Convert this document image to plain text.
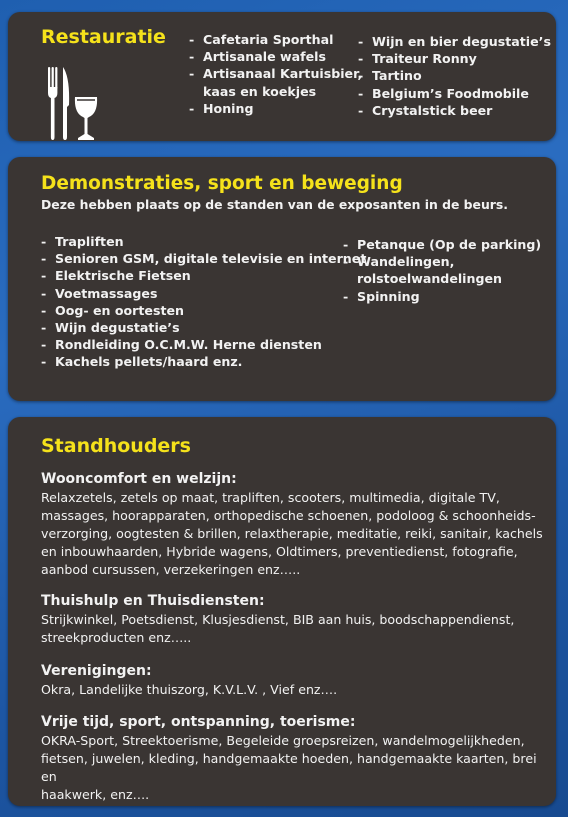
Restauratie
-	Cafetaria Sporthal
- Artisanale wafels
- Artisanaal Kartuisbier,
kaas en koekjes
- Honing
- Wijn en bier degustatie’s
- Traiteur Ronny
- Tartino
- Belgium’s Foodmobile
- Crystalstick beer
Demonstraties, sport en beweging
Deze hebben plaats op de standen van de exposanten in de beurs.
- Trapliften
- Senioren GSM, digitale televisie en internet
- Elektrische Fietsen
- Voetmassages
- Oog- en oortesten
- Wijn degustatie’s
- Rondleiding O.C.M.W. Herne diensten
- Kachels pellets/haard enz.
- Petanque (Op de parking)
- Wandelingen,
rolstoelwandelingen
- Spinning
Standhouders
Wooncomfort en welzijn:

Relaxzetels, zetels op maat, trapliften, scooters, multimedia, digitale TV,

massages, hoorapparaten, orthopedische schoenen, podoloog & schoonheids-

verzorging, oogtesten & brillen, relaxtherapie, meditatie, reiki, sanitair, kachels

en inbouwhaarden, Hybride wagens, Oldtimers, preventiedienst, fotografie,

aanbod cursussen, verzekeringen enz…..

Thuishulp en Thuisdiensten:

Strijkwinkel, Poetsdienst, Klusjesdienst, BIB aan huis, boodschappendienst,

streekproducten enz…..

Verenigingen:

Okra, Landelijke thuiszorg, K.V.L.V. , Vief enz….

Vrije tijd, sport, ontspanning, toerisme:

OKRA-Sport, Streektoerisme, Begeleide groepsreizen, wandelmogelijkheden,

fietsen, juwelen, kleding, handgemaakte hoeden, handgemaakte kaarten, brei en

haakwerk, enz….
